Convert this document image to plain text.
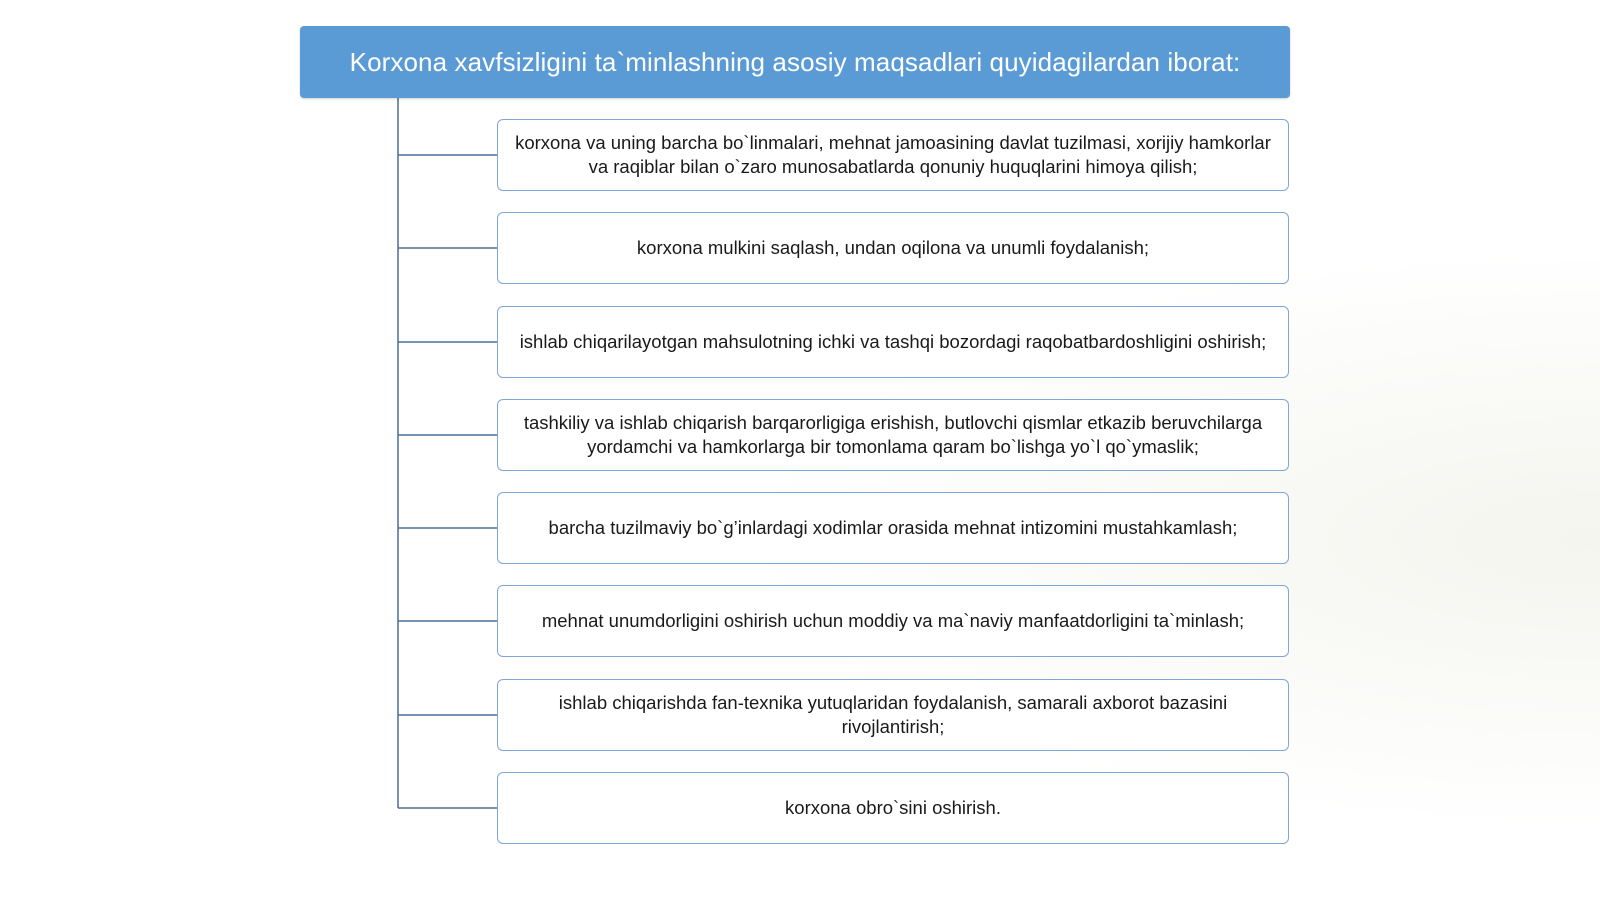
Korxona xavfsizligini ta`minlashning asosiy maqsadlari quyidagilardan iborat:
korxona va uning barcha bo`linmalari, mehnat jamoasining davlat tuzilmasi, xorijiy hamkorlar va raqiblar bilan o`zaro munosabatlarda qonuniy huquqlarini himoya qilish;
korxona mulkini saqlash, undan oqilona va unumli foydalanish;
ishlab chiqarilayotgan mahsulotning ichki va tashqi bozordagi raqobatbardoshligini oshirish;
tashkiliy va ishlab chiqarish barqarorligiga erishish, butlovchi qismlar etkazib beruvchilarga yordamchi va hamkorlarga bir tomonlama qaram bo`lishga yo`l qo`ymaslik;
barcha tuzilmaviy bo`g’inlardagi xodimlar orasida mehnat intizomini mustahkamlash;
mehnat unumdorligini oshirish uchun moddiy va ma`naviy manfaatdorligini ta`minlash;
ishlab chiqarishda fan-texnika yutuqlaridan foydalanish, samarali axborot bazasini rivojlantirish;
korxona obro`sini oshirish.
